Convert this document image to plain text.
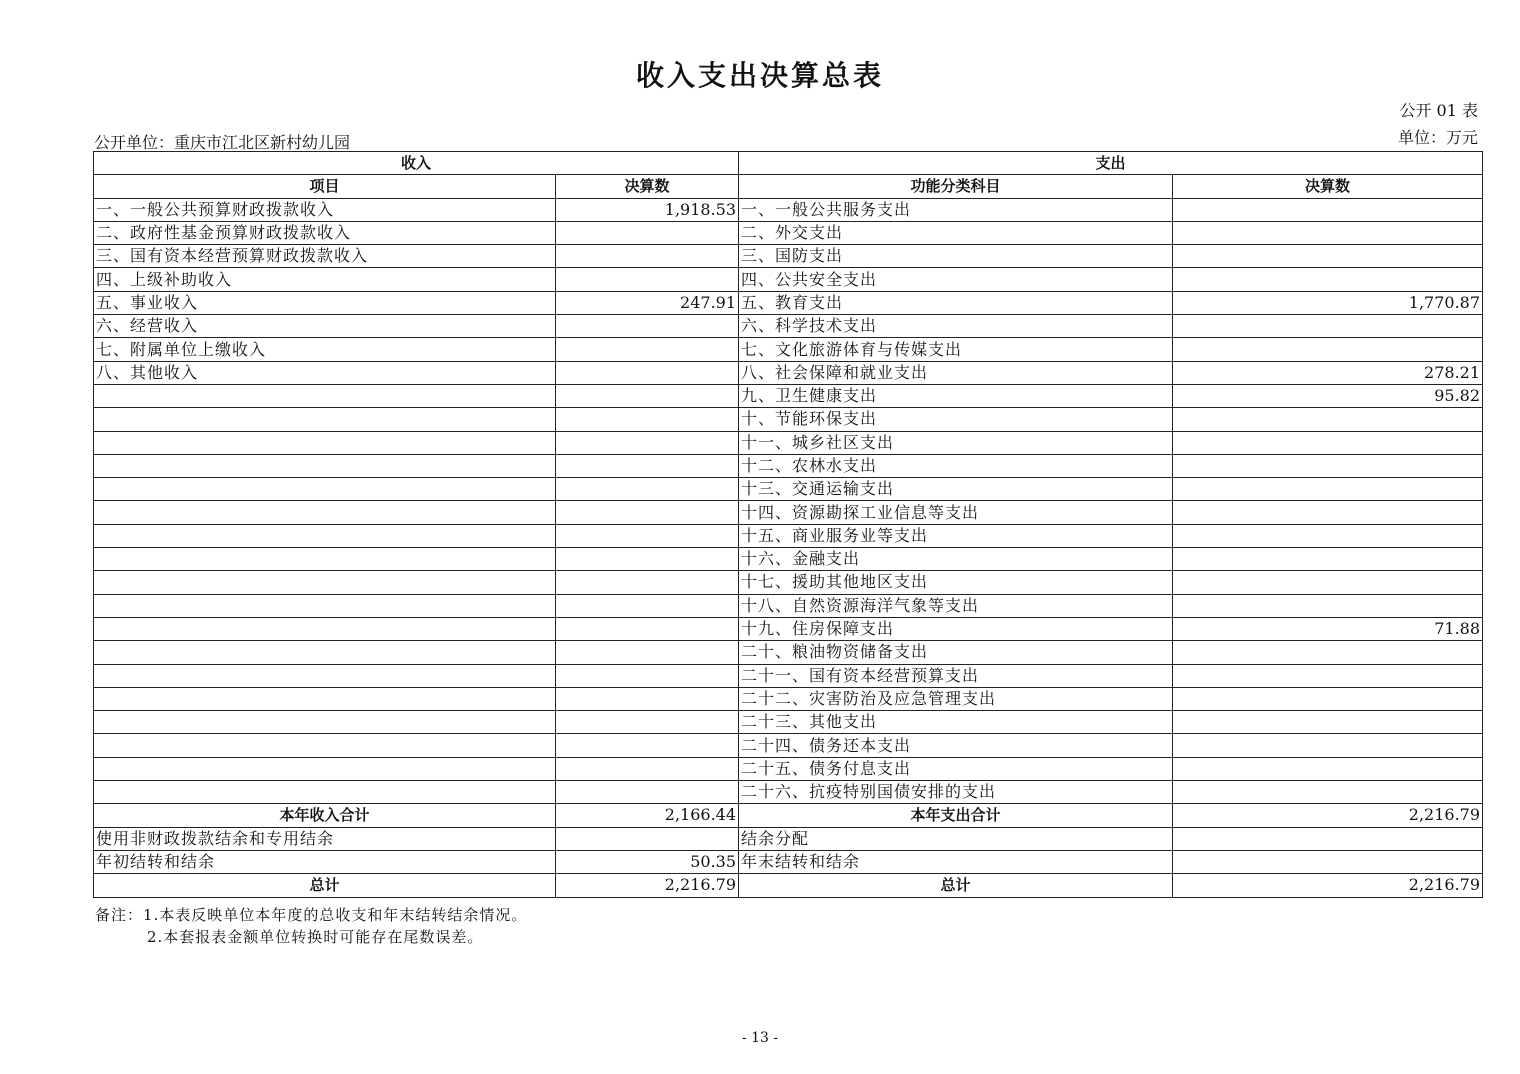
收入支出决算总表
公开 01 表
公开单位：重庆市江北区新村幼儿园	单位：万元
收入		支出	
项目	决算数	功能分类科目	决算数
一、一般公共预算财政拨款收入	1,918.53	一、一般公共服务支出	
二、政府性基金预算财政拨款收入		二、外交支出	
三、国有资本经营预算财政拨款收入		三、国防支出	
四、上级补助收入		四、公共安全支出	
五、事业收入	247.91	五、教育支出	1,770.87
六、经营收入		六、科学技术支出	
七、附属单位上缴收入		七、文化旅游体育与传媒支出	
八、其他收入		八、社会保障和就业支出	278.21
		九、卫生健康支出	95.82
		十、节能环保支出	
		十一、城乡社区支出	
		十二、农林水支出	
		十三、交通运输支出	
		十四、资源勘探工业信息等支出	
		十五、商业服务业等支出	
		十六、金融支出	
		十七、援助其他地区支出	
		十八、自然资源海洋气象等支出	
		十九、住房保障支出	71.88
		二十、粮油物资储备支出	
		二十一、国有资本经营预算支出	
		二十二、灾害防治及应急管理支出	
		二十三、其他支出	
		二十四、债务还本支出	
		二十五、债务付息支出	
		二十六、抗疫特别国债安排的支出	
本年收入合计	2,166.44	本年支出合计	2,216.79
使用非财政拨款结余和专用结余		结余分配	
年初结转和结余	50.35	年末结转和结余	
总计	2,216.79	总计	2,216.79
备注：1.本表反映单位本年度的总收支和年末结转结余情况。
2.本套报表金额单位转换时可能存在尾数误差。
- 13 -
